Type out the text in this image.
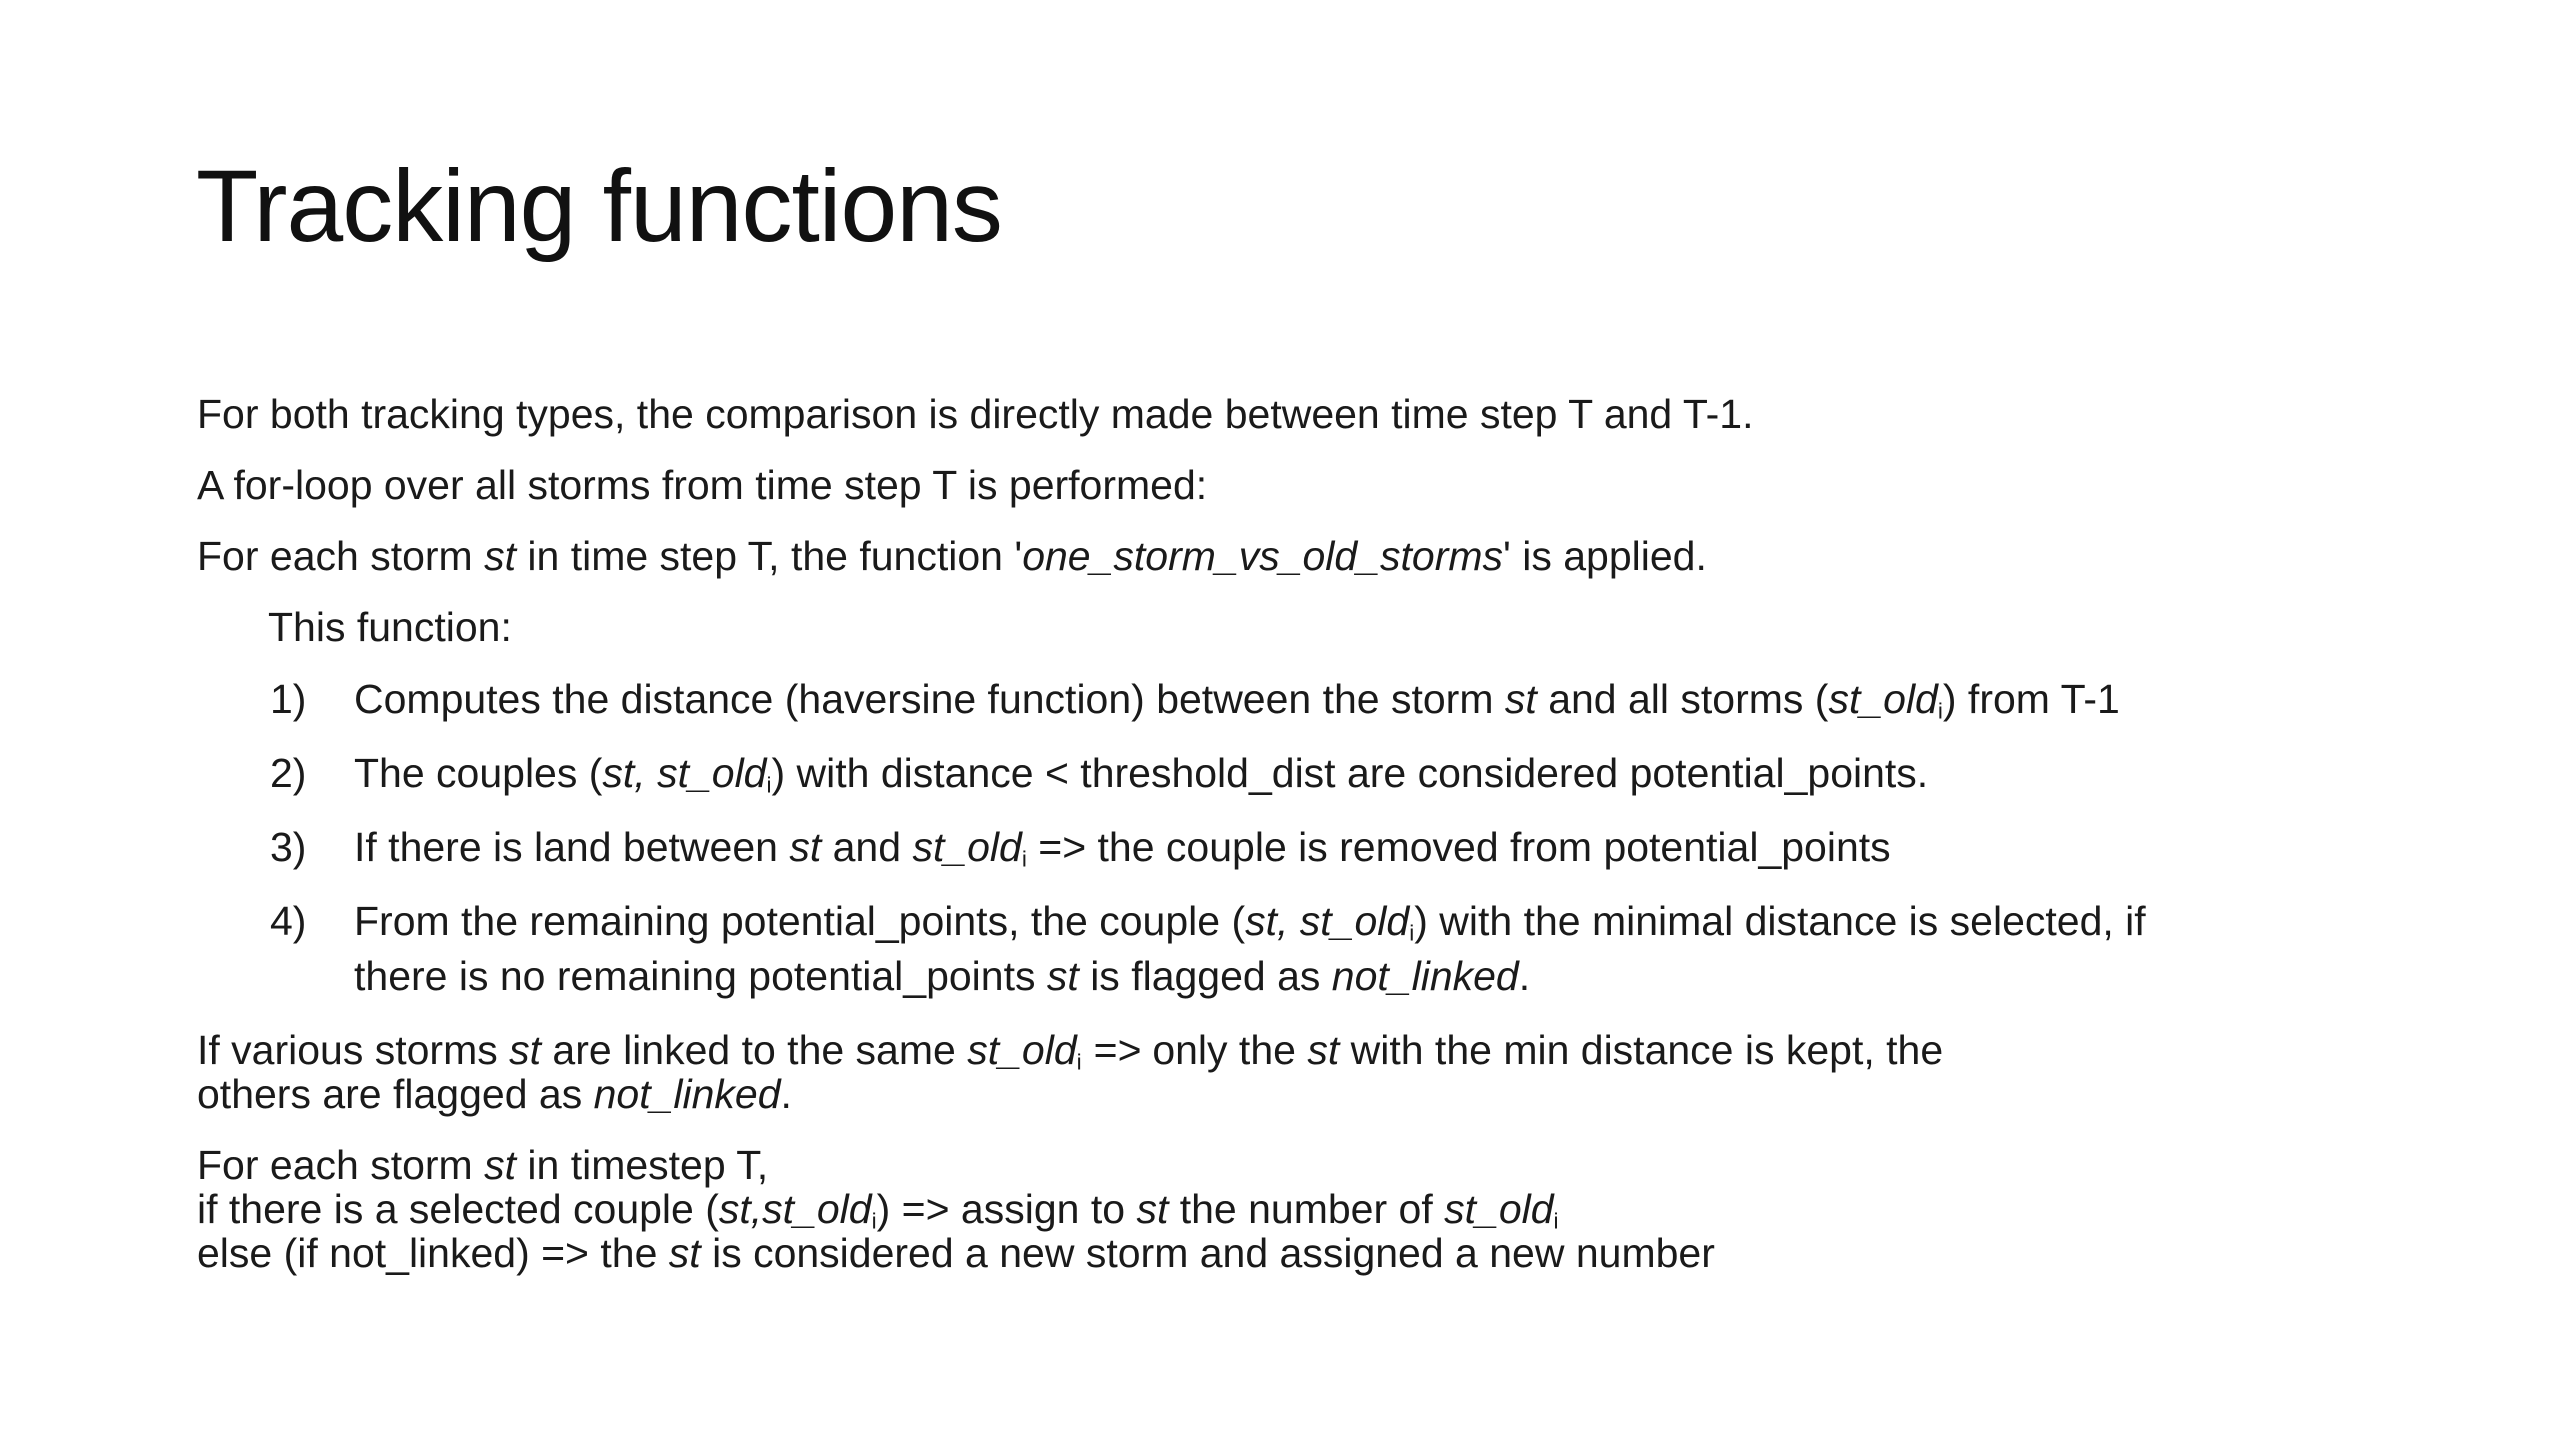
Tracking functions

For both tracking types, the comparison is directly made between time step T and T-1.

A for-loop over all storms from time step T is performed:

For each storm st in time step T, the function 'one_storm_vs_old_storms' is applied.

This function:

1) Computes the distance (haversine function) between the storm st and all storms (st_old$_i$) from T-1
2) The couples (st, st_old$_i$) with distance < threshold_dist are considered potential_points.
3) If there is land between st and st_old$_i$ => the couple is removed from potential_points
4) From the remaining potential_points, the couple (st, st_old$_i$) with the minimal distance is selected, if
there is no remaining potential_points st is flagged as not_linked.

If various storms st are linked to the same st_old$_i$ => only the st with the min distance is kept, the

others are flagged as not_linked.

For each storm st in timestep T,

if there is a selected couple (st,st_old$_i$) => assign to st the number of st_old$_i$

else (if not_linked) => the st is considered a new storm and assigned a new number
